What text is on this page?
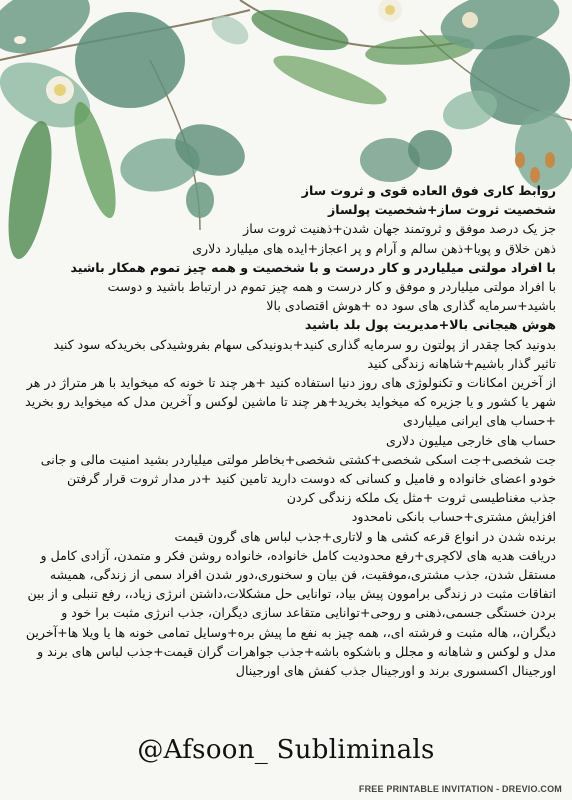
روابط کاری فوق العاده قوی و ثروت ساز
شخصیت ثروت ساز+شخصیت پولساز
جز یک درصد موفق و ثروتمند جهان شدن+ذهنیت ثروت ساز
ذهن خلاق و پویا+ذهن سالم و آرام و پر اعجاز+ایده های میلیارد دلاری
با افراد مولتی میلیاردر و کار درست و با شخصیت و همه چیز تموم همکار باشید
با افراد مولتی میلیاردر و موفق و کار درست و همه چیز تموم در ارتباط باشید و دوست
باشید+سرمایه گذاری های سود ده +هوش اقتصادی بالا
هوش هیجانی بالا+مدیریت پول بلد باشید
بدونید کجا چقدر از پولتون رو سرمایه گذاری کنید+بدونیدکی سهام بفروشیدکی بخریدکه سود کنید
تاثیر گذار باشیم+شاهانه زندگی کنید
از آخرین امکانات و تکنولوژی های روز دنیا استفاده کنید +هر چند تا خونه که میخواید با هر متراژ در هر شهر یا کشور و یا جزیره که میخواید بخرید+هر چند تا ماشین لوکس و آخرین مدل که میخواید رو بخرید +حساب های ایرانی میلیاردی
حساب های خارجی میلیون دلاری
جت شخصی+جت اسکی شخصی+کشتی شخصی+بخاطر مولتی میلیاردر بشید امنیت مالی و جانی خودو اعضای خانواده و فامیل و کسانی که دوست دارید تامین کنید +در مدار ثروت قرار گرفتن
جذب مغناطیسی ثروت +مثل یک ملکه زندگی کردن
افزایش مشتری+حساب بانکی نامحدود
برنده شدن در انواع قرعه کشی ها و لاتاری+جذب لباس های گرون قیمت
دریافت هدیه های لاکچری+رفع محدودیت کامل خانواده، خانواده روشن فکر و متمدن، آزادی کامل و مستقل شدن، جذب مشتری،موفقیت، فن بیان و سخنوری،دور شدن افراد سمی از زندگی، همیشه اتفاقات مثبت در زندگی براموون پیش بیاد، توانایی حل مشکلات،داشتن انرژی زیاد،، رفع تنبلی و از بین بردن خستگی جسمی،ذهنی و روحی+توانایی متقاعد سازی دیگران، جذب انرژی مثبت برا خود و دیگران،، هاله مثبت و فرشته ای،، همه چیز به نفع ما پیش بره+وسایل تمامی خونه ها یا ویلا ها+آخرین مدل و لوکس و شاهانه و مجلل و باشکوه باشه+جذب جواهرات گران قیمت+جذب لباس های برند و اورجینال اکسسوری برند و اورجینال جذب کفش های اورجینال
@Afsoon_ Subliminals
FREE PRINTABLE INVITATION - DREVIO.COM
